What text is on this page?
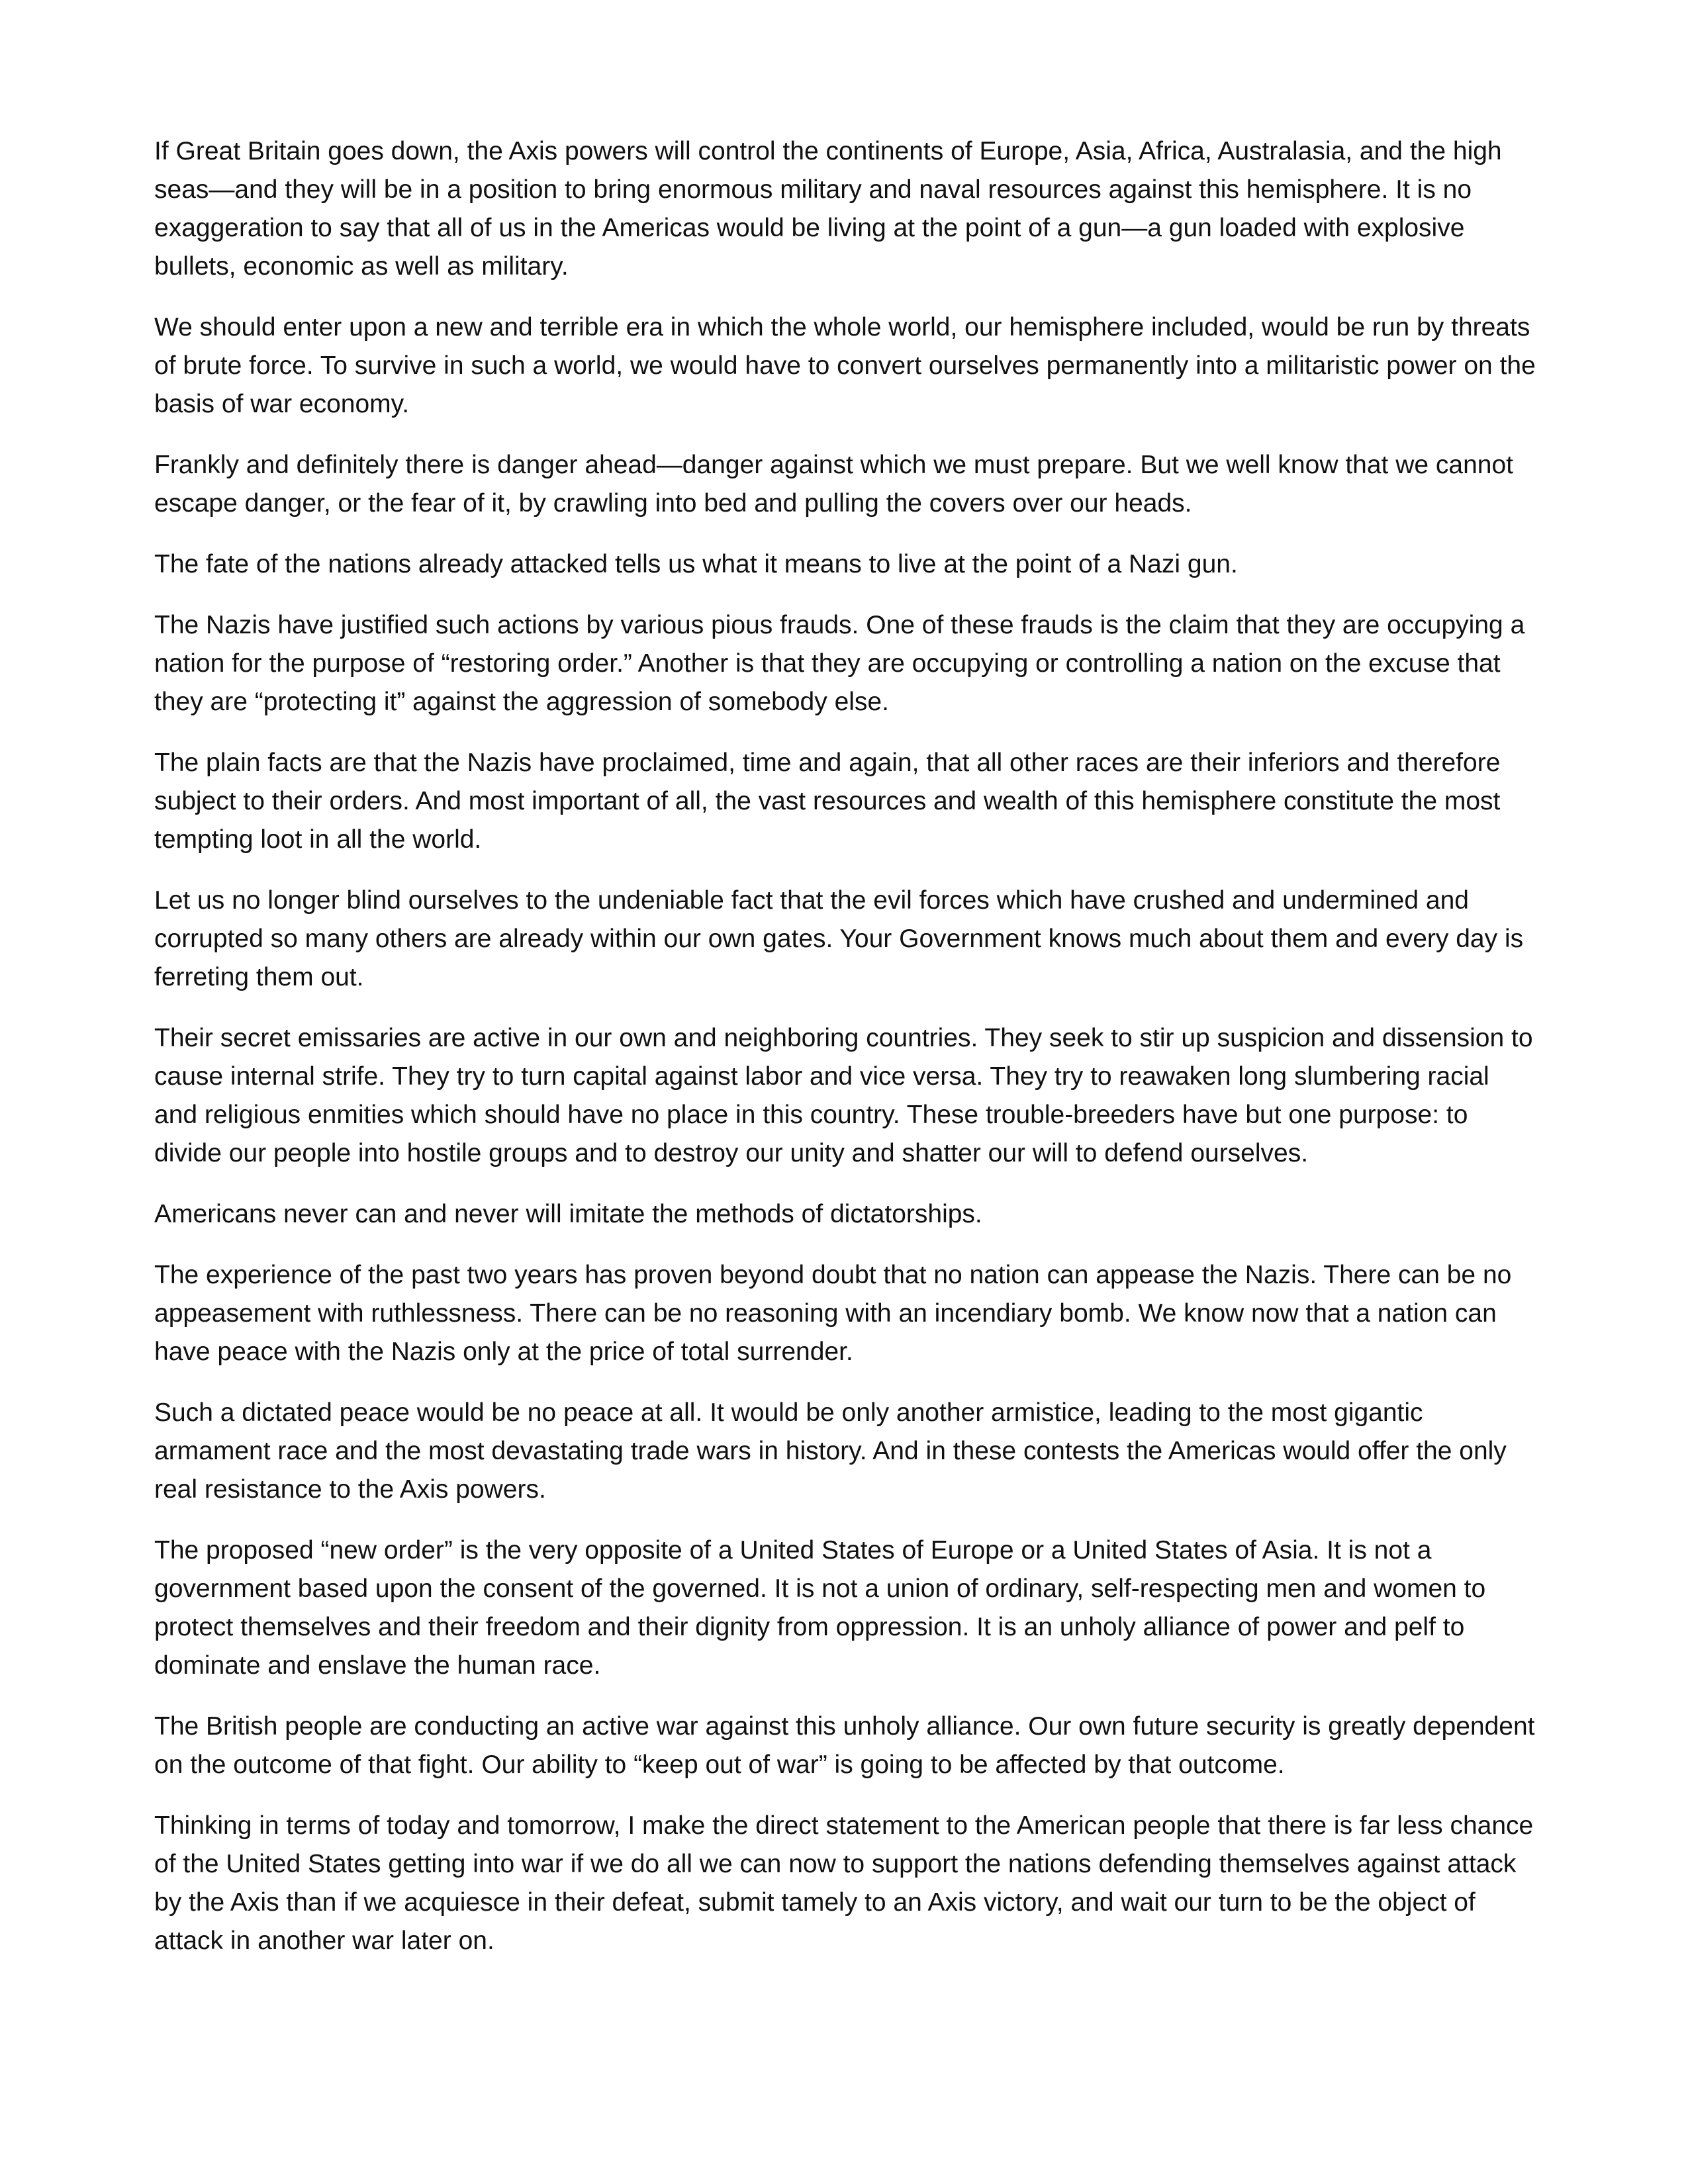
If Great Britain goes down, the Axis powers will control the continents of Europe, Asia, Africa, Australasia, and the high seas—and they will be in a position to bring enormous military and naval resources against this hemisphere. It is no exaggeration to say that all of us in the Americas would be living at the point of a gun—a gun loaded with explosive bullets, economic as well as military.

We should enter upon a new and terrible era in which the whole world, our hemisphere included, would be run by threats of brute force. To survive in such a world, we would have to convert ourselves permanently into a militaristic power on the basis of war economy.

Frankly and definitely there is danger ahead—danger against which we must prepare. But we well know that we cannot escape danger, or the fear of it, by crawling into bed and pulling the covers over our heads.

The fate of the nations already attacked tells us what it means to live at the point of a Nazi gun.

The Nazis have justified such actions by various pious frauds. One of these frauds is the claim that they are occupying a nation for the purpose of “restoring order.” Another is that they are occupying or controlling a nation on the excuse that they are “protecting it” against the aggression of somebody else.

The plain facts are that the Nazis have proclaimed, time and again, that all other races are their inferiors and therefore subject to their orders. And most important of all, the vast resources and wealth of this hemisphere constitute the most tempting loot in all the world.

Let us no longer blind ourselves to the undeniable fact that the evil forces which have crushed and undermined and corrupted so many others are already within our own gates. Your Government knows much about them and every day is ferreting them out.

Their secret emissaries are active in our own and neighboring countries. They seek to stir up suspicion and dissension to cause internal strife. They try to turn capital against labor and vice versa. They try to reawaken long slumbering racial and religious enmities which should have no place in this country. These trouble-breeders have but one purpose: to divide our people into hostile groups and to destroy our unity and shatter our will to defend ourselves.

Americans never can and never will imitate the methods of dictatorships.

The experience of the past two years has proven beyond doubt that no nation can appease the Nazis. There can be no appeasement with ruthlessness. There can be no reasoning with an incendiary bomb. We know now that a nation can have peace with the Nazis only at the price of total surrender.

Such a dictated peace would be no peace at all. It would be only another armistice, leading to the most gigantic armament race and the most devastating trade wars in history. And in these contests the Americas would offer the only real resistance to the Axis powers.

The proposed “new order” is the very opposite of a United States of Europe or a United States of Asia. It is not a government based upon the consent of the governed. It is not a union of ordinary, self-respecting men and women to protect themselves and their freedom and their dignity from oppression. It is an unholy alliance of power and pelf to dominate and enslave the human race.

The British people are conducting an active war against this unholy alliance. Our own future security is greatly dependent on the outcome of that fight. Our ability to “keep out of war” is going to be affected by that outcome.

Thinking in terms of today and tomorrow, I make the direct statement to the American people that there is far less chance of the United States getting into war if we do all we can now to support the nations defending themselves against attack by the Axis than if we acquiesce in their defeat, submit tamely to an Axis victory, and wait our turn to be the object of attack in another war later on.
